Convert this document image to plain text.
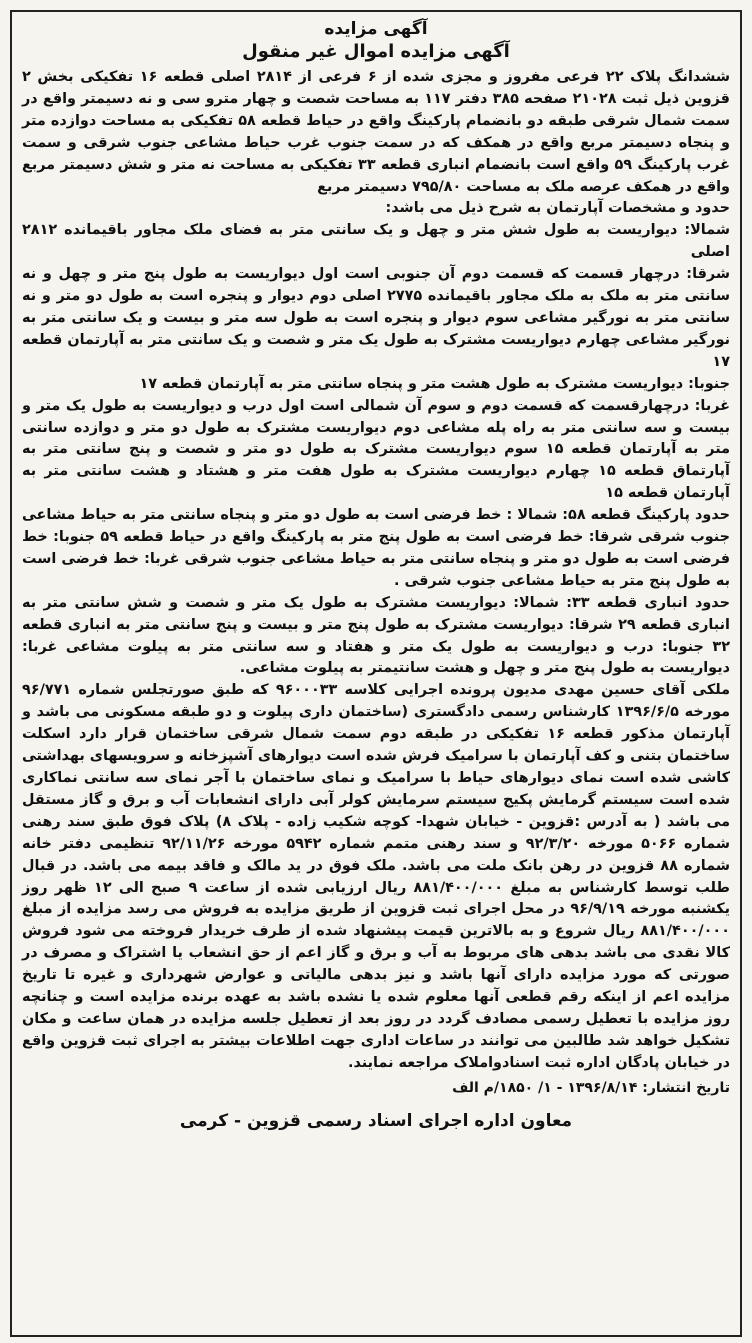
آگهی مزایده

آگهی مزایده اموال غیر منقول

ششدانگ پلاک ۲۲ فرعی مفروز و مجزی شده از ۶ فرعی از ۲۸۱۴ اصلی قطعه ۱۶ تفکیکی بخش ۲ قزوین ذیل ثبت ۲۱۰۲۸ صفحه ۳۸۵ دفتر ۱۱۷ به مساحت شصت و چهار مترو سی و نه دسیمتر واقع در سمت شمال شرقی طبقه دو بانضمام پارکینگ واقع در حیاط قطعه ۵۸ تفکیکی به مساحت دوازده متر و پنجاه دسیمتر مربع واقع در همکف که در سمت جنوب غرب حیاط مشاعی جنوب شرقی و سمت غرب پارکینگ ۵۹ واقع است بانضمام انباری قطعه ۳۳ تفکیکی به مساحت نه متر و شش دسیمتر مربع واقع در همکف عرصه ملک به مساحت ۷۹۵/۸۰ دسیمتر مربع

حدود و مشخصات آپارتمان به شرح ذیل می باشد:

شمالا: دیواریست به طول شش متر و چهل و یک سانتی متر به فضای ملک مجاور باقیمانده ۲۸۱۲ اصلی

شرقا: درچهار قسمت که قسمت دوم آن جنوبی است اول دیواریست به طول پنج متر و چهل و نه سانتی متر به ملک به ملک مجاور باقیمانده ۲۷۷۵ اصلی دوم دیوار و پنجره است به طول دو متر و نه سانتی متر به نورگیر مشاعی سوم دیوار و پنجره است به طول سه متر و بیست و یک سانتی متر به نورگیر مشاعی چهارم دیواریست مشترک به طول یک متر و شصت و یک سانتی متر به آپارتمان قطعه ۱۷

جنوبا: دیواریست مشترک به طول هشت متر و پنجاه سانتی متر به آپارتمان قطعه ۱۷

غربا: درچهارقسمت که قسمت دوم و سوم آن شمالی است اول درب و دیواریست به طول یک متر و بیست و سه سانتی متر به راه پله مشاعی دوم دیواریست مشترک به طول دو متر و دوازده سانتی متر به آپارتمان قطعه ۱۵ سوم دیواریست مشترک به طول دو متر و شصت و پنج سانتی متر به آپارتماق قطعه ۱۵ چهارم دیواریست مشترک به طول هفت متر و هشتاد و هشت سانتی متر به آپارتمان قطعه ۱۵

حدود پارکینگ قطعه ۵۸: شمالا : خط فرضی است به طول دو متر و پنجاه سانتی متر به حیاط مشاعی جنوب شرقی شرقا: خط فرضی است به طول پنج متر به پارکینگ واقع در حیاط قطعه ۵۹ جنوبا: خط فرضی است به طول دو متر و پنجاه سانتی متر به حیاط مشاعی جنوب شرقی غربا: خط فرضی است به طول پنج متر به حیاط مشاعی جنوب شرقی .

حدود انباری قطعه ۳۳: شمالا: دیواریست مشترک به طول یک متر و شصت و شش سانتی متر به انباری قطعه ۲۹ شرقا: دیواریست مشترک به طول پنج متر و بیست و پنج سانتی متر به انباری قطعه ۳۲ جنوبا: درب و دیواریست به طول یک متر و هفتاد و سه سانتی متر به پیلوت مشاعی غربا: دیواریست به طول پنج متر و چهل و هشت سانتیمتر به پیلوت مشاعی.

ملکی آقای حسین مهدی مدیون پرونده اجرایی کلاسه ۹۶۰۰۰۳۳ که طبق صورتجلس شماره ۹۶/۷۷۱ مورخه ۱۳۹۶/۶/۵ کارشناس رسمی دادگستری (ساختمان داری پیلوت و دو طبقه مسکونی می باشد و آپارتمان مذکور قطعه ۱۶ تفکیکی در طبقه دوم سمت شمال شرقی ساختمان قرار دارد اسکلت ساختمان بتنی و کف آپارتمان با سرامیک فرش شده است دیوارهای آشپزخانه و سرویسهای بهداشتی کاشی شده است نمای دیوارهای حیاط با سرامیک و نمای ساختمان با آجر نمای سه سانتی نماکاری شده است سیستم گرمایش پکیج سیستم سرمایش کولر آبی دارای انشعابات آب و برق و گاز مستقل می باشد ( به آدرس :قزوین - خیابان شهدا- کوچه شکیب زاده - پلاک ۸) پلاک فوق طبق سند رهنی شماره ۵۰۶۶ مورخه ۹۲/۳/۲۰ و سند رهنی متمم شماره ۵۹۴۲ مورخه ۹۲/۱۱/۲۶ تنظیمی دفتر خانه شماره ۸۸ قزوین در رهن بانک ملت می باشد. ملک فوق در ید مالک و فاقد بیمه می باشد. در قبال طلب توسط کارشناس به مبلغ ۸۸۱/۴۰۰/۰۰۰ ریال ارزیابی شده از ساعت ۹ صبح الی ۱۲ ظهر روز یکشنبه مورخه ۹۶/۹/۱۹ در محل اجرای ثبت قزوین از طریق مزایده به فروش می رسد مزایده از مبلغ ۸۸۱/۴۰۰/۰۰۰ ریال شروع و به بالاترین قیمت پیشنهاد شده از طرف خریدار فروخته می شود فروش کالا نقدی می باشد بدهی های مربوط به آب و برق و گاز اعم از حق انشعاب یا اشتراک و مصرف در صورتی که مورد مزایده دارای آنها باشد و نیز بدهی مالیاتی و عوارض شهرداری و غیره تا تاریخ مزایده اعم از اینکه رقم قطعی آنها معلوم شده یا نشده باشد به عهده برنده مزایده است و چنانچه روز مزایده با تعطیل رسمی مصادف گردد در روز بعد از تعطیل جلسه مزایده در همان ساعت و مکان تشکیل خواهد شد طالبین می توانند در ساعات اداری جهت اطلاعات بیشتر به اجرای ثبت قزوین واقع در خیابان پادگان اداره ثبت اسنادواملاک مراجعه نمایند.

تاریخ انتشار: ۱۳۹۶/۸/۱۴ - ۱/ ۱۸۵۰/م الف
معاون اداره اجرای اسناد رسمی قزوین - کرمی
